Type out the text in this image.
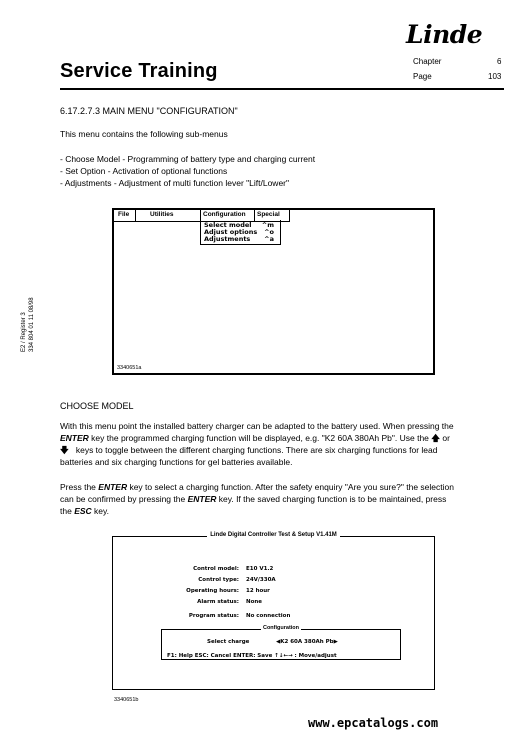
Linde
Chapter	6
Page	103
Service Training
E2 / Register 3 334 804 01 11 08/98
6.17.2.7.3 MAIN MENU "CONFIGURATION"
This menu contains the following sub-menus
- Choose Model - Programming of battery type and charging current
- Set Option - Activation of optional functions
- Adjustments - Adjustment of multi function lever "Lift/Lower"
File	Utilities	Configuration Special
Select model ^m
Adjust options ^o
Adjustments ^a
3340651a
CHOOSE MODEL
With this menu point the installed battery charger can be adapted to the battery used. When pressing the
ENTER key the programmed charging function will be displayed, e.g. "K2 60A 380Ah Pb". Use the 🡅 or
🡇 keys to toggle between the different charging functions. There are six charging functions for lead
batteries and six charging functions for gel batteries available.
Press the ENTER key to select a charging function. After the safety enquiry "Are you sure?" the selection
can be confirmed by pressing the ENTER key. If the saved charging function is to be maintained, press
the ESC key.
Linde Digital Controller Test & Setup V1.41M
Control model: E10 V1.2
Control type: 24V/330A
Operating hours: 12 hour
Alarm status: None
Program status: No connection
Configuration
Select charge	◀K2 60A 380Ah Pb▶
F1: Help ESC: Cancel ENTER: Save ↑↓←→ : Move/adjust
3340651b
www.epcatalogs.com
